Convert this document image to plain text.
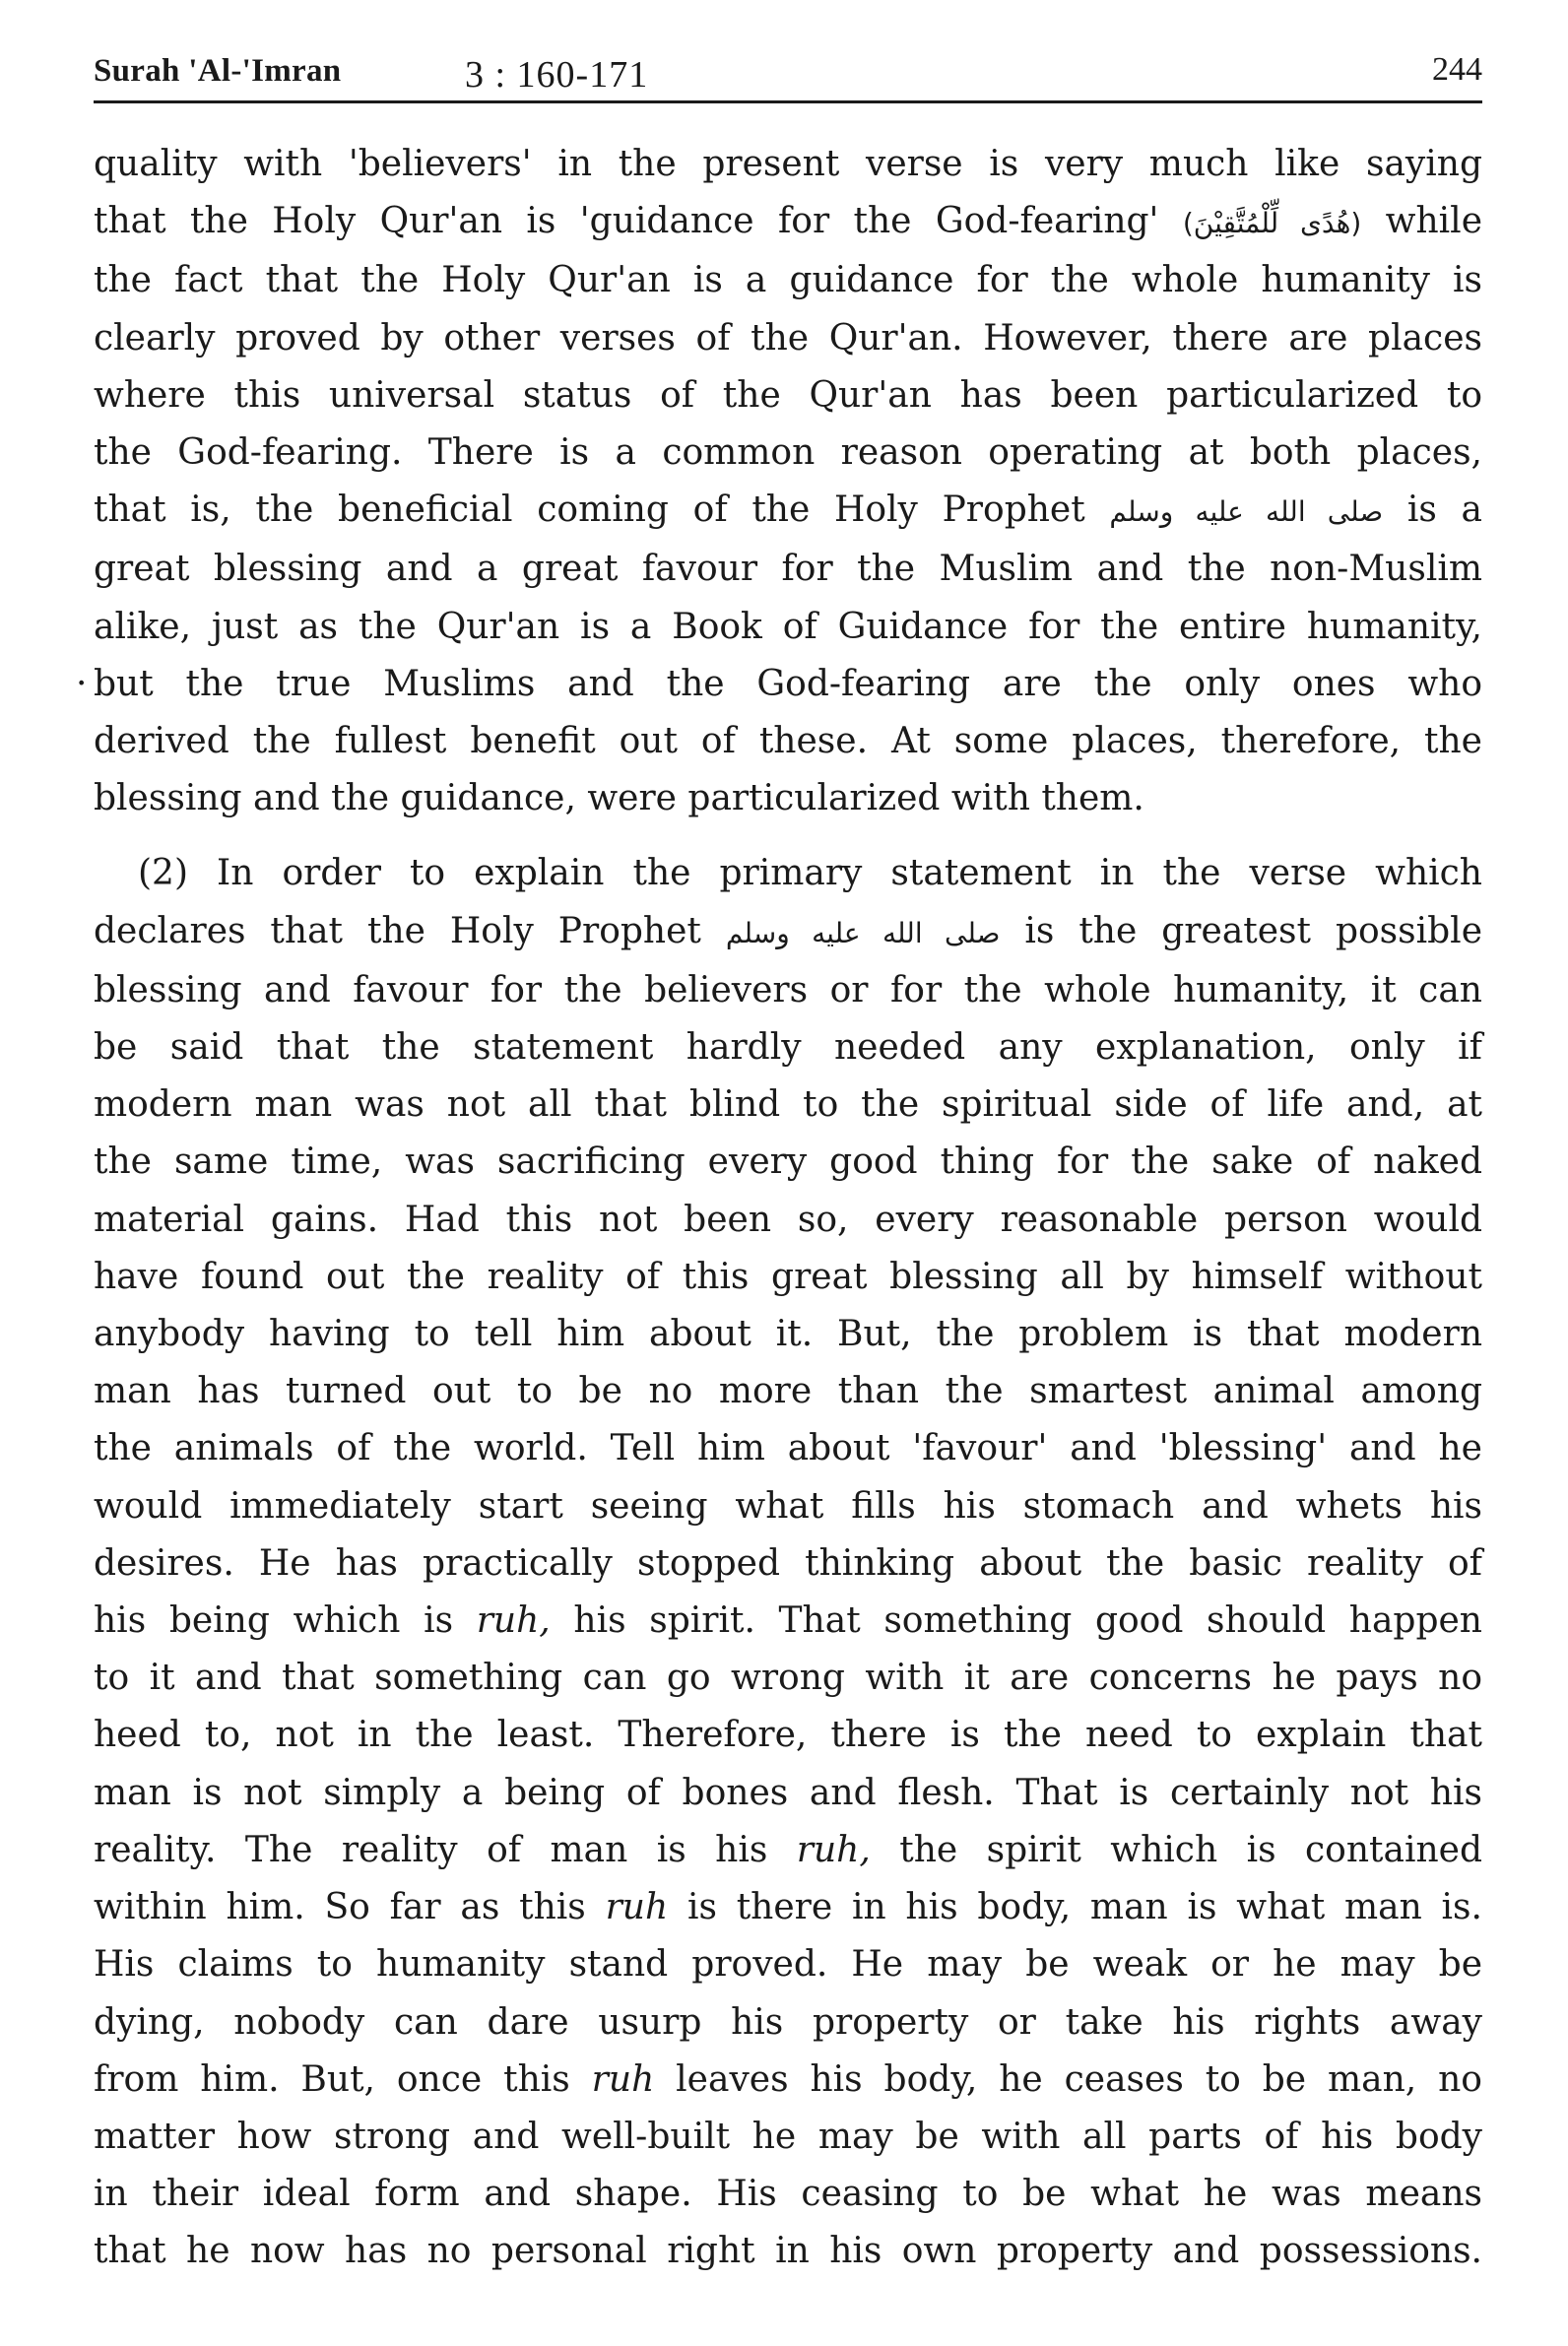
Surah 'Al-'Imran	3 : 160-171	244
quality with 'believers' in the present verse is very much like saying
that the Holy Qur'an is 'guidance for the God-fearing' (هُدًى لِّلْمُتَّقِيْنَ) while
the fact that the Holy Qur'an is a guidance for the whole humanity is
clearly proved by other verses of the Qur'an. However, there are places
where this universal status of the Qur'an has been particularized to
the God-fearing. There is a common reason operating at both places,
that is, the beneficial coming of the Holy Prophet صلى الله عليه وسلم is a
great blessing and a great favour for the Muslim and the non-Muslim
alike, just as the Qur'an is a Book of Guidance for the entire humanity,
· but the true Muslims and the God-fearing are the only ones who
derived the fullest benefit out of these. At some places, therefore, the
blessing and the guidance, were particularized with them.
(2) In order to explain the primary statement in the verse which
declares that the Holy Prophet صلى الله عليه وسلم is the greatest possible
blessing and favour for the believers or for the whole humanity, it can
be said that the statement hardly needed any explanation, only if
modern man was not all that blind to the spiritual side of life and, at
the same time, was sacrificing every good thing for the sake of naked
material gains. Had this not been so, every reasonable person would
have found out the reality of this great blessing all by himself without
anybody having to tell him about it. But, the problem is that modern
man has turned out to be no more than the smartest animal among
the animals of the world. Tell him about 'favour' and 'blessing' and he
would immediately start seeing what fills his stomach and whets his
desires. He has practically stopped thinking about the basic reality of
his being which is ruh, his spirit. That something good should happen
to it and that something can go wrong with it are concerns he pays no
heed to, not in the least. Therefore, there is the need to explain that
man is not simply a being of bones and flesh. That is certainly not his
reality. The reality of man is his ruh, the spirit which is contained
within him. So far as this ruh is there in his body, man is what man is.
His claims to humanity stand proved. He may be weak or he may be
dying, nobody can dare usurp his property or take his rights away
from him. But, once this ruh leaves his body, he ceases to be man, no
matter how strong and well-built he may be with all parts of his body
in their ideal form and shape. His ceasing to be what he was means
that he now has no personal right in his own property and possessions.
